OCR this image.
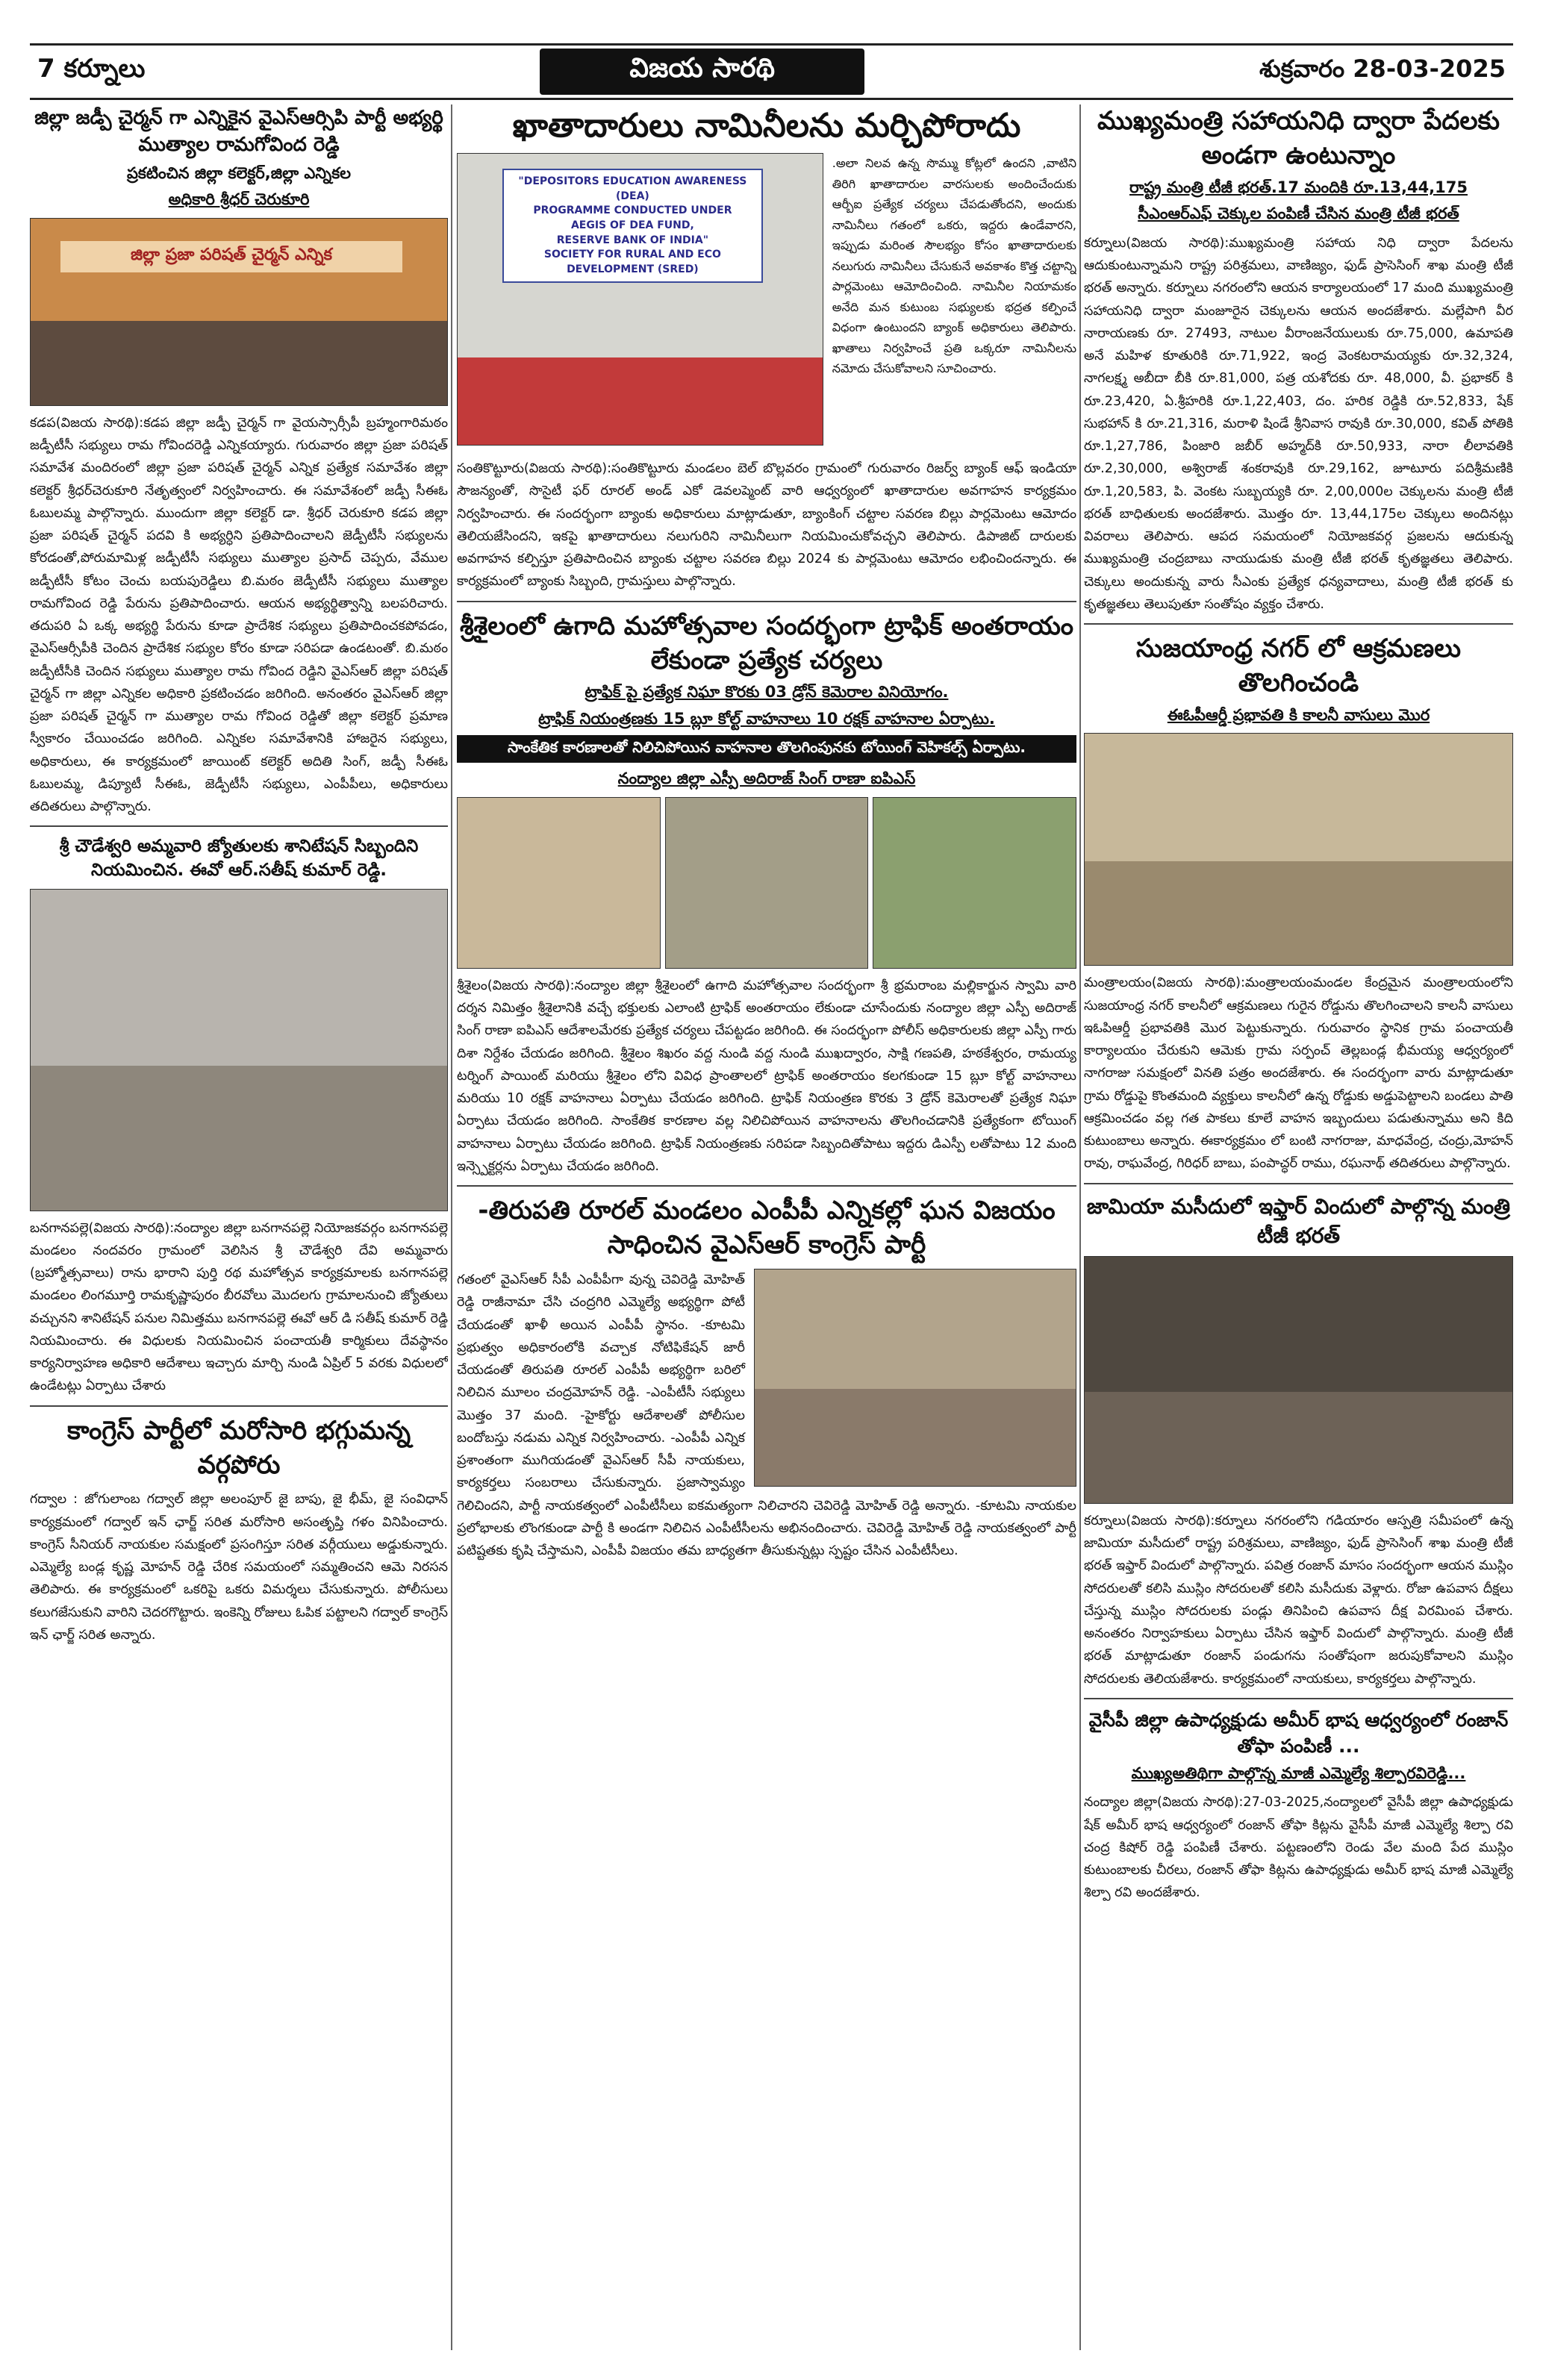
7 కర్నూలు	విజయ సారథి	శుక్రవారం 28-03-2025
జిల్లా జడ్పీ చైర్మన్ గా ఎన్నికైన వైఎస్ఆర్సిపి పార్టీ అభ్యర్థి ముత్యాల రామగోవింద రెడ్డి
ప్రకటించిన జిల్లా కలెక్టర్,జిల్లా ఎన్నికల
అధికారి శ్రీధర్ చెరుకూరి
జిల్లా ప్రజా పరిషత్ చైర్మన్ ఎన్నిక

కడప(విజయ సారథి):కడప జిల్లా జడ్పీ చైర్మన్ గా వైయస్సార్సీపీ బ్రహ్మంగారిమఠం జడ్పీటీసీ సభ్యులు రామ గోవిందరెడ్డి ఎన్నికయ్యారు. గురువారం జిల్లా ప్రజా పరిషత్ సమావేశ మందిరంలో జిల్లా ప్రజా పరిషత్ చైర్మన్ ఎన్నిక ప్రత్యేక సమావేశం జిల్లా కలెక్టర్ శ్రీధర్‌చెరుకూరి నేతృత్వంలో నిర్వహించారు. ఈ సమావేశంలో జడ్పీ సీఈఓ ఓబులమ్మ పాల్గొన్నారు. ముందుగా జిల్లా కలెక్టర్ డా. శ్రీధర్ చెరుకూరి కడప జిల్లా ప్రజా పరిషత్ చైర్మన్ పదవి కి అభ్యర్ధిని ప్రతిపాదించాలని జెడ్పీటీసీ సభ్యులను కోరడంతో,పోరుమామిళ్ల జడ్పీటీసీ సభ్యులు ముత్యాల ప్రసాద్ చెప్పరు, వేముల జడ్పీటీసీ కోటం చెంచు బయపురెడ్డిలు బి.మఠం జెడ్పీటీసీ సభ్యులు ముత్యాల రామగోవింద రెడ్డి పేరును ప్రతిపాదించారు. ఆయన అభ్యర్థిత్వాన్ని బలపరిచారు. తదుపరి ఏ ఒక్క అభ్యర్థి పేరును కూడా ప్రాదేశిక సభ్యులు ప్రతిపాదించకపోవడం, వైఎస్ఆర్సీపీకి చెందిన ప్రాదేశిక సభ్యుల కోరం కూడా సరిపడా ఉండటంతో. బి.మఠం జడ్పీటీసీకి చెందిన సభ్యులు ముత్యాల రామ గోవింద రెడ్డిని వైఎస్ఆర్ జిల్లా పరిషత్ చైర్మన్ గా జిల్లా ఎన్నికల అధికారి ప్రకటించడం జరిగింది. అనంతరం వైఎస్ఆర్ జిల్లా ప్రజా పరిషత్ చైర్మన్ గా ముత్యాల రామ గోవింద రెడ్డితో జిల్లా కలెక్టర్ ప్రమాణ స్వీకారం చేయించడం జరిగింది. ఎన్నికల సమావేశానికి హాజరైన సభ్యులు, అధికారులు, ఈ కార్యక్రమంలో జాయింట్ కలెక్టర్ అదితి సింగ్, జడ్పీ సీఈఓ ఓబులమ్మ, డిప్యూటీ సీఈఓ, జెడ్పీటీసీ సభ్యులు, ఎంపీపీలు, అధికారులు తదితరులు పాల్గొన్నారు.

శ్రీ చౌడేశ్వరి అమ్మవారి జ్యోతులకు శానిటేషన్ సిబ్బందిని నియమించిన. ఈవో ఆర్.సతీష్ కుమార్ రెడ్డి.

బనగానపల్లె(విజయ సారథి):నంద్యాల జిల్లా బనగానపల్లె నియోజకవర్గం బనగానపల్లె మండలం నందవరం గ్రామంలో వెలిసిన శ్రీ చౌడేశ్వరి దేవి అమ్మవారు (బ్రహ్మోత్సవాలు) రాను భారాని పుర్తి రథ మహోత్సవ కార్యక్రమాలకు బనగానపల్లె మండలం లింగమూర్తి రామకృష్ణాపురం బీరవోలు మొదలగు గ్రామాలనుంచి జ్యోతులు వచ్చునని శానిటేషన్ పనుల నిమిత్తము బనగానపల్లె ఈవో ఆర్ డి సతీష్ కుమార్ రెడ్డి నియమించారు. ఈ విధులకు నియమించిన పంచాయతీ కార్మికులు దేవస్థానం కార్యనిర్వాహణ అధికారి ఆదేశాలు ఇచ్చారు మార్చి నుండి ఏప్రిల్ 5 వరకు విధులలో ఉండేటట్లు ఏర్పాటు చేశారు

కాంగ్రెస్ పార్టీలో మరోసారి భగ్గుమన్న వర్గపోరు

గద్వాల : జోగులాంబ గద్వాల్ జిల్లా అలంపూర్ జై బాపు, జై భీమ్, జై సంవిధాన్ కార్యక్రమంలో గద్వాల్ ఇన్ ఛార్జ్ సరిత మరోసారి అసంతృప్తి గళం వినిపించారు. కాంగ్రెస్ సీనియర్ నాయకుల సమక్షంలో ప్రసంగిస్తూ సరిత వర్గీయులు అడ్డుకున్నారు. ఎమ్మెల్యే బండ్ల కృష్ణ మోహన్ రెడ్డి చేరిక సమయంలో సమ్మతించని ఆమె నిరసన తెలిపారు. ఈ కార్యక్రమంలో ఒకరిపై ఒకరు విమర్శలు చేసుకున్నారు. పోలీసులు కలుగజేసుకుని వారిని చెదరగొట్టారు. ఇంకెన్ని రోజులు ఓపిక పట్టాలని గద్వాల్ కాంగ్రెస్ ఇన్ ఛార్జ్ సరిత అన్నారు.

ఖాతాదారులు నామినీలను మర్చిపోరాదు
"DEPOSITORS EDUCATION AWARENESS (DEA)
PROGRAMME CONDUCTED UNDER
AEGIS OF DEA FUND,
RESERVE BANK OF INDIA"
SOCIETY FOR RURAL AND ECO DEVELOPMENT (SRED)

.అలా నిలవ ఉన్న సొమ్ము కోట్లలో ఉందని ,వాటిని తిరిగి ఖాతాదారుల వారసులకు అందించేందుకు ఆర్బీఐ ప్రత్యేక చర్యలు చేపడుతోందని, అందుకు నామినీలు గతంలో ఒకరు, ఇద్దరు ఉండేవారని, ఇప్పుడు మరింత సౌలభ్యం కోసం ఖాతాదారులకు నలుగురు నామినీలు చేసుకునే అవకాశం కొత్త చట్టాన్ని పార్లమెంటు ఆమోదించింది. నామినీల నియామకం అనేది మన కుటుంబ సభ్యులకు భద్రత కల్పించే విధంగా ఉంటుందని బ్యాంక్ అధికారులు తెలిపారు. ఖాతాలు నిర్వహించే ప్రతి ఒక్కరూ నామినీలను నమోదు చేసుకోవాలని సూచించారు.

సంతికొట్టూరు(విజయ సారథి):సంతికొట్టూరు మండలం బెల్ బొల్లవరం గ్రామంలో గురువారం రిజర్వ్ బ్యాంక్ ఆఫ్ ఇండియా సౌజన్యంతో, సొసైటీ ఫర్ రూరల్ అండ్ ఎకో డెవలప్మెంట్ వారి ఆధ్వర్యంలో ఖాతాదారుల అవగాహన కార్యక్రమం నిర్వహించారు. ఈ సందర్భంగా బ్యాంకు అధికారులు మాట్లాడుతూ, బ్యాంకింగ్ చట్టాల సవరణ బిల్లు పార్లమెంటు ఆమోదం తెలియజేసిందని, ఇకపై ఖాతాదారులు నలుగురిని నామినీలుగా నియమించుకోవచ్చని తెలిపారు. డిపాజిట్ దారులకు అవగాహన కల్పిస్తూ ప్రతిపాదించిన బ్యాంకు చట్టాల సవరణ బిల్లు 2024 కు పార్లమెంటు ఆమోదం లభించిందన్నారు. ఈ కార్యక్రమంలో బ్యాంకు సిబ్బంది, గ్రామస్తులు పాల్గొన్నారు.

శ్రీశైలంలో ఉగాది మహోత్సవాల సందర్భంగా ట్రాఫిక్ అంతరాయం లేకుండా ప్రత్యేక చర్యలు
ట్రాఫిక్ పై ప్రత్యేక నిఘా కొరకు 03 డ్రోన్ కెమెరాల వినియోగం.
ట్రాఫిక్ నియంత్రణకు 15 బ్లూ కోల్ట్ వాహనాలు 10 రక్షక్ వాహనాల ఏర్పాటు.
సాంకేతిక కారణాలతో నిలిచిపోయిన వాహనాల తొలగింపునకు టోయింగ్ వెహికల్స్ ఏర్పాటు.
నంద్యాల జిల్లా ఎస్పీ అదిరాజ్ సింగ్ రాణా ఐపిఎస్

శ్రీశైలం(విజయ సారథి):నంద్యాల జిల్లా శ్రీశైలంలో ఉగాది మహోత్సవాల సందర్భంగా శ్రీ భ్రమరాంబ మల్లికార్జున స్వామి వారి దర్శన నిమిత్తం శ్రీశైలానికి వచ్చే భక్తులకు ఎలాంటి ట్రాఫిక్ అంతరాయం లేకుండా చూసేందుకు నంద్యాల జిల్లా ఎస్పీ అదిరాజ్ సింగ్ రాణా ఐపిఎస్ ఆదేశాలమేరకు ప్రత్యేక చర్యలు చేపట్టడం జరిగింది. ఈ సందర్భంగా పోలీస్ అధికారులకు జిల్లా ఎస్పీ గారు దిశా నిర్దేశం చేయడం జరిగింది. శ్రీశైలం శిఖరం వద్ద నుండి వద్ద నుండి ముఖద్వారం, సాక్షి గణపతి, హఠకేశ్వరం, రామయ్య టర్నింగ్ పాయింట్ మరియు శ్రీశైలం లోని వివిధ ప్రాంతాలలో ట్రాఫిక్ అంతరాయం కలగకుండా 15 బ్లూ కోల్ట్ వాహనాలు మరియు 10 రక్షక్ వాహనాలు ఏర్పాటు చేయడం జరిగింది. ట్రాఫిక్ నియంత్రణ కొరకు 3 డ్రోన్ కెమెరాలతో ప్రత్యేక నిఘా ఏర్పాటు చేయడం జరిగింది. సాంకేతిక కారణాల వల్ల నిలిచిపోయిన వాహనాలను తొలగించడానికి ప్రత్యేకంగా టోయింగ్ వాహనాలు ఏర్పాటు చేయడం జరిగింది. ట్రాఫిక్ నియంత్రణకు సరిపడా సిబ్బందితోపాటు ఇద్దరు డిఎస్పీ లతోపాటు 12 మంది ఇన్స్పెక్టర్లను ఏర్పాటు చేయడం జరిగింది.

-తిరుపతి రూరల్ మండలం ఎంపీపీ ఎన్నికల్లో ఘన విజయం సాధించిన వైఎస్ఆర్ కాంగ్రెస్ పార్టీ

గతంలో వైఎస్ఆర్ సీపీ ఎంపీపీగా వున్న చెవిరెడ్డి మోహిత్ రెడ్డి రాజీనామా చేసి చంద్రగిరి ఎమ్మెల్యే అభ్యర్థిగా పోటీ చేయడంతో ఖాళీ అయిన ఎంపీపీ స్థానం. -కూటమి ప్రభుత్వం అధికారంలోకి వచ్చాక నోటిఫికేషన్ జారీ చేయడంతో తిరుపతి రూరల్ ఎంపీపీ అభ్యర్థిగా బరిలో నిలిచిన మూలం చంద్రమోహన్ రెడ్డి. -ఎంపీటీసీ సభ్యులు మొత్తం 37 మంది. -హైకోర్టు ఆదేశాలతో పోలీసుల బందోబస్తు నడుమ ఎన్నిక నిర్వహించారు. -ఎంపీపీ ఎన్నిక ప్రశాంతంగా ముగియడంతో వైఎస్ఆర్ సీపీ నాయకులు, కార్యకర్తలు సంబరాలు చేసుకున్నారు. ప్రజాస్వామ్యం గెలిచిందని, పార్టీ నాయకత్వంలో ఎంపీటీసీలు ఐకమత్యంగా నిలిచారని చెవిరెడ్డి మోహిత్ రెడ్డి అన్నారు. -కూటమి నాయకుల ప్రలోభాలకు లొంగకుండా పార్టీ కి అండగా నిలిచిన ఎంపీటీసీలను అభినందించారు. చెవిరెడ్డి మోహిత్ రెడ్డి నాయకత్వంలో పార్టీ పటిష్టతకు కృషి చేస్తామని, ఎంపీపీ విజయం తమ బాధ్యతగా తీసుకున్నట్లు స్పష్టం చేసిన ఎంపీటీసీలు.

ముఖ్యమంత్రి సహాయనిధి ద్వారా పేదలకు అండగా ఉంటున్నాం
రాష్ట్ర మంత్రి టీజీ భరత్.17 మందికి రూ.13,44,175
సీఎంఆర్ఎఫ్ చెక్కుల పంపిణీ చేసిన మంత్రి టీజీ భరత్

కర్నూలు(విజయ సారథి):ముఖ్యమంత్రి సహాయ నిధి ద్వారా పేదలను ఆదుకుంటున్నామని రాష్ట్ర పరిశ్రమలు, వాణిజ్యం, ఫుడ్ ప్రాసెసింగ్ శాఖ మంత్రి టీజీ భరత్ అన్నారు. కర్నూలు నగరంలోని ఆయన కార్యాలయంలో 17 మంది ముఖ్యమంత్రి సహాయనిధి ద్వారా మంజూరైన చెక్కులను ఆయన అందజేశారు. మల్లేపాగి వీర నారాయణకు రూ. 27493, నాటుల వీరాంజనేయులుకు రూ.75,000, ఉమాపతి అనే మహిళ కూతురికి రూ.71,922, ఇంద్ర వెంకటరామయ్యకు రూ.32,324, నాగలక్ష్మ అబీదా బీకి రూ.81,000, పత్ర యశోదకు రూ. 48,000, వీ. ప్రభాకర్ కి రూ.23,420, ఏ.శ్రీహరికి రూ.1,22,403, దం. హరిక రెడ్డికి రూ.52,833, షేక్ సుభహాన్ కి రూ.21,316, మరాళి షిండే శ్రీనివాస రావుకి రూ.30,000, కవిత్ పోతికి రూ.1,27,786, పింజారి జబీర్ అహ్మద్‌కి రూ.50,933, నారా లీలావతికి రూ.2,30,000, అశ్విరాజ్ శంకరావుకి రూ.29,162, జూటూరు పదిశ్రీమణికి రూ.1,20,583, పి. వెంకట సుబ్బయ్యకి రూ. 2,00,000ల చెక్కులను మంత్రి టీజీ భరత్ బాధితులకు అందజేశారు. మొత్తం రూ. 13,44,175ల చెక్కులు అందినట్లు వివరాలు తెలిపారు. ఆపద సమయంలో నియోజకవర్గ ప్రజలను ఆదుకున్న ముఖ్యమంత్రి చంద్రబాబు నాయుడుకు మంత్రి టీజీ భరత్ కృతజ్ఞతలు తెలిపారు. చెక్కులు అందుకున్న వారు సీఎంకు ప్రత్యేక ధన్యవాదాలు, మంత్రి టీజీ భరత్ కు కృతజ్ఞతలు తెలుపుతూ సంతోషం వ్యక్తం చేశారు.

సుజయాంధ్ర నగర్ లో ఆక్రమణలు తొలగించండి
ఈఓపీఆర్డీ ప్రభావతి కి కాలనీ వాసులు మొర

మంత్రాలయం(విజయ సారథి):మంత్రాలయంమండల కేంద్రమైన మంత్రాలయంలోని సుజయాంధ్ర నగర్ కాలనీలో ఆక్రమణలు గురైన రోడ్డును తొలగించాలని కాలనీ వాసులు ఇఓపిఆర్డీ ప్రభావతికి మొర పెట్టుకున్నారు. గురువారం స్థానిక గ్రామ పంచాయతీ కార్యాలయం చేరుకుని ఆమెకు గ్రామ సర్పంచ్ తెల్లబండ్ల భీమయ్య ఆధ్వర్యంలో నాగరాజు సమక్షంలో వినతి పత్రం అందజేశారు. ఈ సందర్భంగా వారు మాట్లాడుతూ గ్రామ రోడ్డుపై కొంతమంది వ్యక్తులు కాలనీలో ఉన్న రోడ్డుకు అడ్డుపెట్టాలని బండలు పాతి ఆక్రమించడం వల్ల గత పాకలు కూలే వాహన ఇబ్బందులు పడుతున్నాము అని కిది కుటుంబాలు అన్నారు. ఈకార్యక్రమం లో బంటి నాగరాజు, మాధవేంద్ర, చంద్రు,మోహన్ రావు, రాఘవేంద్ర, గిరిధర్ బాబు, పంపాచ్ధర్ రాము, రఘనాథ్ తదితరులు పాల్గొన్నారు.

జామియా మసీదులో ఇఫ్తార్ విందులో పాల్గొన్న మంత్రి టీజీ భరత్

కర్నూలు(విజయ సారథి):కర్నూలు నగరంలోని గడియారం ఆస్పత్రి సమీపంలో ఉన్న జామియా మసీదులో రాష్ట్ర పరిశ్రమలు, వాణిజ్యం, ఫుడ్ ప్రాసెసింగ్ శాఖ మంత్రి టీజీ భరత్ ఇఫ్తార్ విందులో పాల్గొన్నారు. పవిత్ర రంజాన్ మాసం సందర్భంగా ఆయన ముస్లిం సోదరులతో కలిసి ముస్లిం సోదరులతో కలిసి మసీదుకు వెళ్లారు. రోజా ఉపవాస దీక్షలు చేస్తున్న ముస్లిం సోదరులకు పండ్లు తినిపించి ఉపవాస దీక్ష విరమింప చేశారు. అనంతరం నిర్వాహకులు ఏర్పాటు చేసిన ఇఫ్తార్ విందులో పాల్గొన్నారు. మంత్రి టీజీ భరత్ మాట్లాడుతూ రంజాన్ పండుగను సంతోషంగా జరుపుకోవాలని ముస్లిం సోదరులకు తెలియజేశారు. కార్యక్రమంలో నాయకులు, కార్యకర్తలు పాల్గొన్నారు.

వైసీపీ జిల్లా ఉపాధ్యక్షుడు అమీర్ భాష ఆధ్వర్యంలో రంజాన్ తోఫా పంపిణీ ...
ముఖ్యఅతిథిగా పాల్గొన్న మాజీ ఎమ్మెల్యే శిల్పారవిరెడ్డి...

నంద్యాల జిల్లా(విజయ సారథి):27-03-2025,నంద్యాలలో వైసీపీ జిల్లా ఉపాధ్యక్షుడు షేక్ అమీర్ భాష ఆధ్వర్యంలో రంజాన్ తోఫా కిట్లను వైసీపీ మాజీ ఎమ్మెల్యే శిల్పా రవి చంద్ర కిషోర్ రెడ్డి పంపిణీ చేశారు. పట్టణంలోని రెండు వేల మంది పేద ముస్లిం కుటుంబాలకు చీరలు, రంజాన్ తోఫా కిట్లను ఉపాధ్యక్షుడు అమీర్ భాష మాజీ ఎమ్మెల్యే శిల్పా రవి అందజేశారు.
